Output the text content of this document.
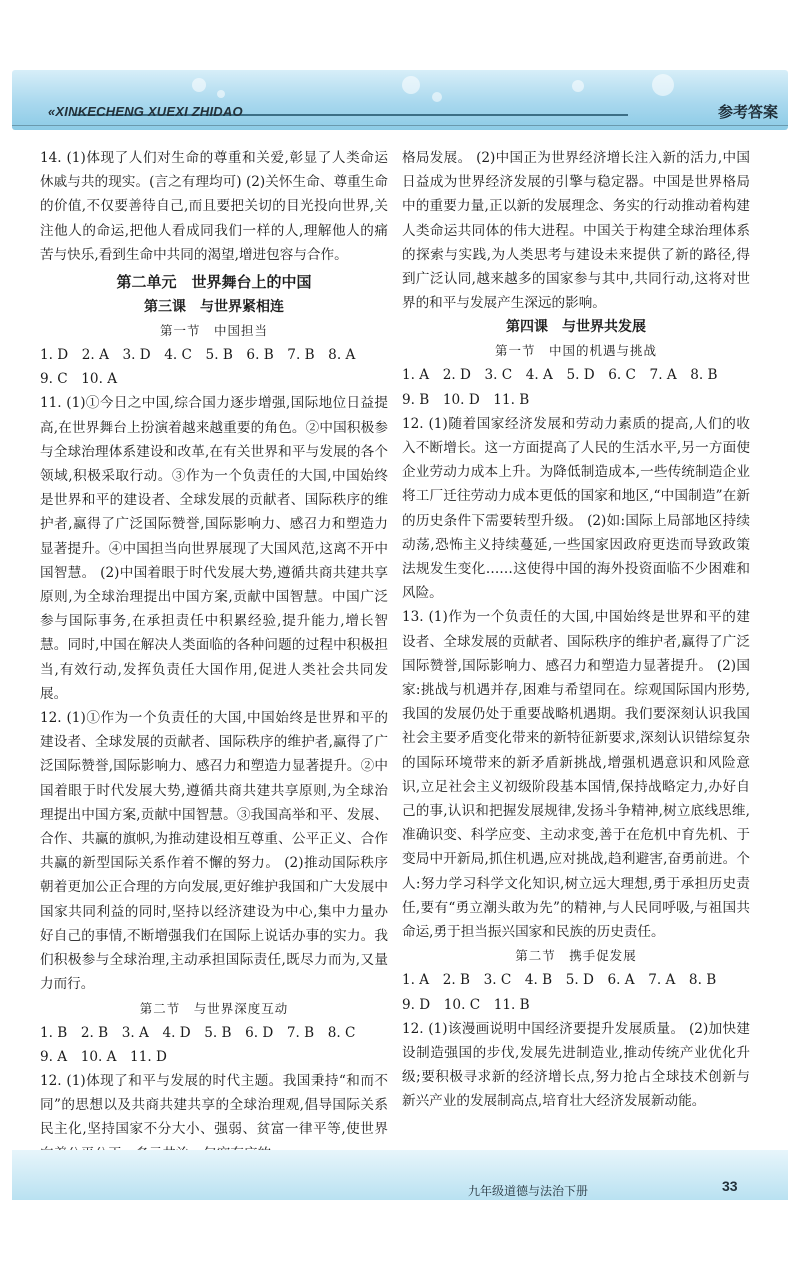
«XINKECHENG XUEXI ZHIDAO	参考答案

14. (1)体现了人们对生命的尊重和关爱,彰显了人类命运休戚与共的现实。(言之有理均可) (2)关怀生命、尊重生命的价值,不仅要善待自己,而且要把关切的目光投向世界,关注他人的命运,把他人看成同我们一样的人,理解他人的痛苦与快乐,看到生命中共同的渴望,增进包容与合作。

第二单元　世界舞台上的中国
第三课　与世界紧相连
第一节　中国担当

1. D　2. A　3. D　4. C　5. B　6. B　7. B　8. A

9. C　10. A

11. (1)①今日之中国,综合国力逐步增强,国际地位日益提高,在世界舞台上扮演着越来越重要的角色。②中国积极参与全球治理体系建设和改革,在有关世界和平与发展的各个领域,积极采取行动。③作为一个负责任的大国,中国始终是世界和平的建设者、全球发展的贡献者、国际秩序的维护者,赢得了广泛国际赞誉,国际影响力、感召力和塑造力显著提升。④中国担当向世界展现了大国风范,这离不开中国智慧。 (2)中国着眼于时代发展大势,遵循共商共建共享原则,为全球治理提出中国方案,贡献中国智慧。中国广泛参与国际事务,在承担责任中积累经验,提升能力,增长智慧。同时,中国在解决人类面临的各种问题的过程中积极担当,有效行动,发挥负责任大国作用,促进人类社会共同发展。

12. (1)①作为一个负责任的大国,中国始终是世界和平的建设者、全球发展的贡献者、国际秩序的维护者,赢得了广泛国际赞誉,国际影响力、感召力和塑造力显著提升。②中国着眼于时代发展大势,遵循共商共建共享原则,为全球治理提出中国方案,贡献中国智慧。③我国高举和平、发展、合作、共赢的旗帜,为推动建设相互尊重、公平正义、合作共赢的新型国际关系作着不懈的努力。 (2)推动国际秩序朝着更加公正合理的方向发展,更好维护我国和广大发展中国家共同利益的同时,坚持以经济建设为中心,集中力量办好自己的事情,不断增强我们在国际上说话办事的实力。我们积极参与全球治理,主动承担国际责任,既尽力而为,又量力而行。

第二节　与世界深度互动

1. B　2. B　3. A　4. D　5. B　6. D　7. B　8. C

9. A　10. A　11. D

12. (1)体现了和平与发展的时代主题。我国秉持“和而不同”的思想以及共商共建共享的全球治理观,倡导国际关系民主化,坚持国家不分大小、强弱、贫富一律平等,使世界

格局发展。 (2)中国正为世界经济增长注入新的活力,中国日益成为世界经济发展的引擎与稳定器。中国是世界格局中的重要力量,正以新的发展理念、务实的行动推动着构建人类命运共同体的伟大进程。中国关于构建全球治理体系的探索与实践,为人类思考与建设未来提供了新的路径,得到广泛认同,越来越多的国家参与其中,共同行动,这将对世界的和平与发展产生深远的影响。

第四课　与世界共发展
第一节　中国的机遇与挑战

1. A　2. D　3. C　4. A　5. D　6. C　7. A　8. B

9. B　10. D　11. B

12. (1)随着国家经济发展和劳动力素质的提高,人们的收入不断增长。这一方面提高了人民的生活水平,另一方面使企业劳动力成本上升。为降低制造成本,一些传统制造企业将工厂迁往劳动力成本更低的国家和地区,“中国制造”在新的历史条件下需要转型升级。 (2)如:国际上局部地区持续动荡,恐怖主义持续蔓延,一些国家因政府更迭而导致政策法规发生变化……这使得中国的海外投资面临不少困难和风险。

13. (1)作为一个负责任的大国,中国始终是世界和平的建设者、全球发展的贡献者、国际秩序的维护者,赢得了广泛国际赞誉,国际影响力、感召力和塑造力显著提升。 (2)国家:挑战与机遇并存,困难与希望同在。综观国际国内形势,我国的发展仍处于重要战略机遇期。我们要深刻认识我国社会主要矛盾变化带来的新特征新要求,深刻认识错综复杂的国际环境带来的新矛盾新挑战,增强机遇意识和风险意识,立足社会主义初级阶段基本国情,保持战略定力,办好自己的事,认识和把握发展规律,发扬斗争精神,树立底线思维,准确识变、科学应变、主动求变,善于在危机中育先机、于变局中开新局,抓住机遇,应对挑战,趋利避害,奋勇前进。个人:努力学习科学文化知识,树立远大理想,勇于承担历史责任,要有“勇立潮头敢为先”的精神,与人民同呼吸,与祖国共命运,勇于担当振兴国家和民族的历史责任。

第二节　携手促发展

1. A　2. B　3. C　4. B　5. D　6. A　7. A　8. B

9. D　10. C　11. B

12. (1)该漫画说明中国经济要提升发展质量。 (2)加快建设制造强国的步伐,发展先进制造业,推动传统产业优化升级;要积极寻求新的经济增长点,努力抢占全球技术创新与新兴产业的发展制高点,培育壮大经济发展新动能。

九年级道德与法治下册	33
